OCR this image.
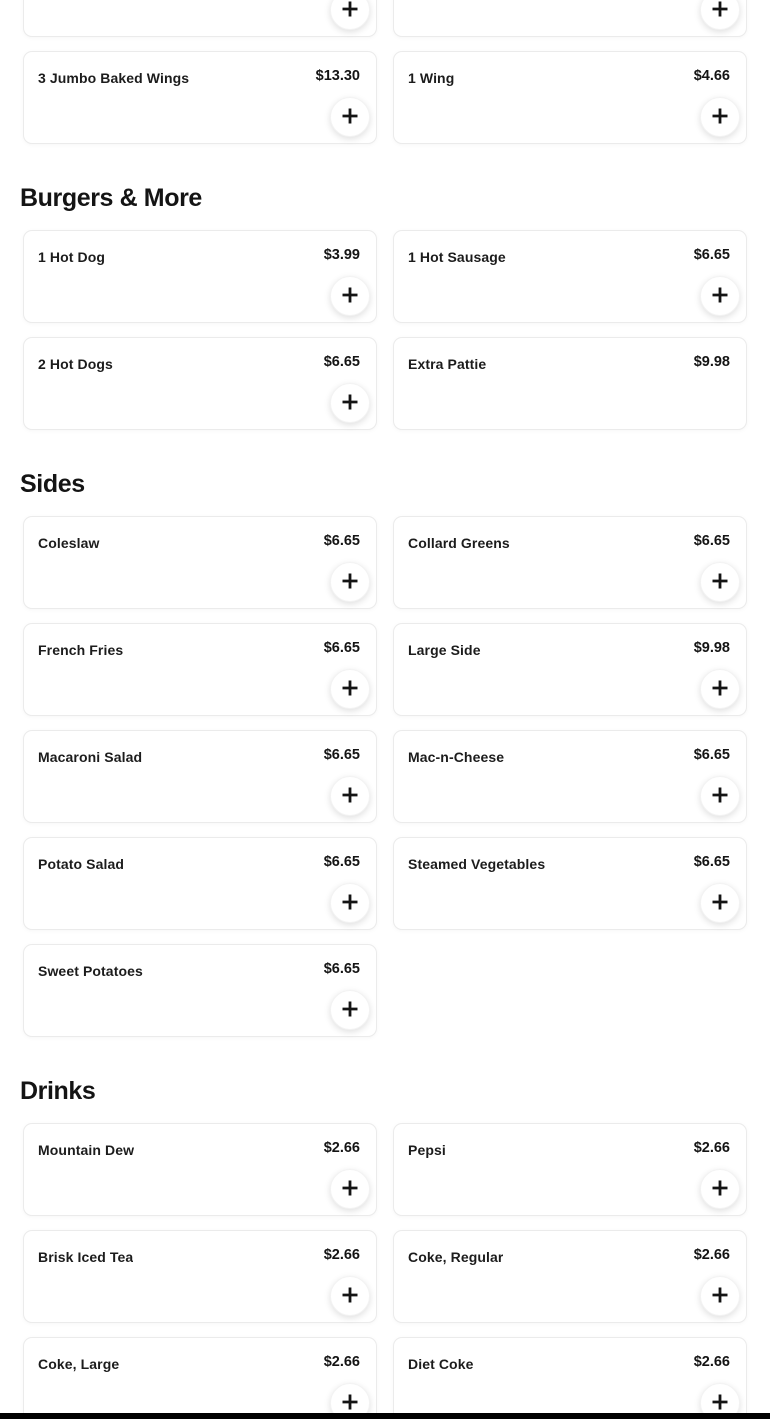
3 Jumbo Baked Wings	$13.30	1 Wing	$4.66
Burgers & More
1 Hot Dog	$3.99	1 Hot Sausage	$6.65
2 Hot Dogs	$6.65	Extra Pattie	$9.98
Sides
Coleslaw	$6.65	Collard Greens	$6.65
French Fries	$6.65	Large Side	$9.98
Macaroni Salad	$6.65	Mac-n-Cheese	$6.65
Potato Salad	$6.65	Steamed Vegetables	$6.65
Sweet Potatoes	$6.65
Drinks
Mountain Dew	$2.66	Pepsi	$2.66
Brisk Iced Tea	$2.66	Coke, Regular	$2.66
Coke, Large	$2.66	Diet Coke	$2.66
